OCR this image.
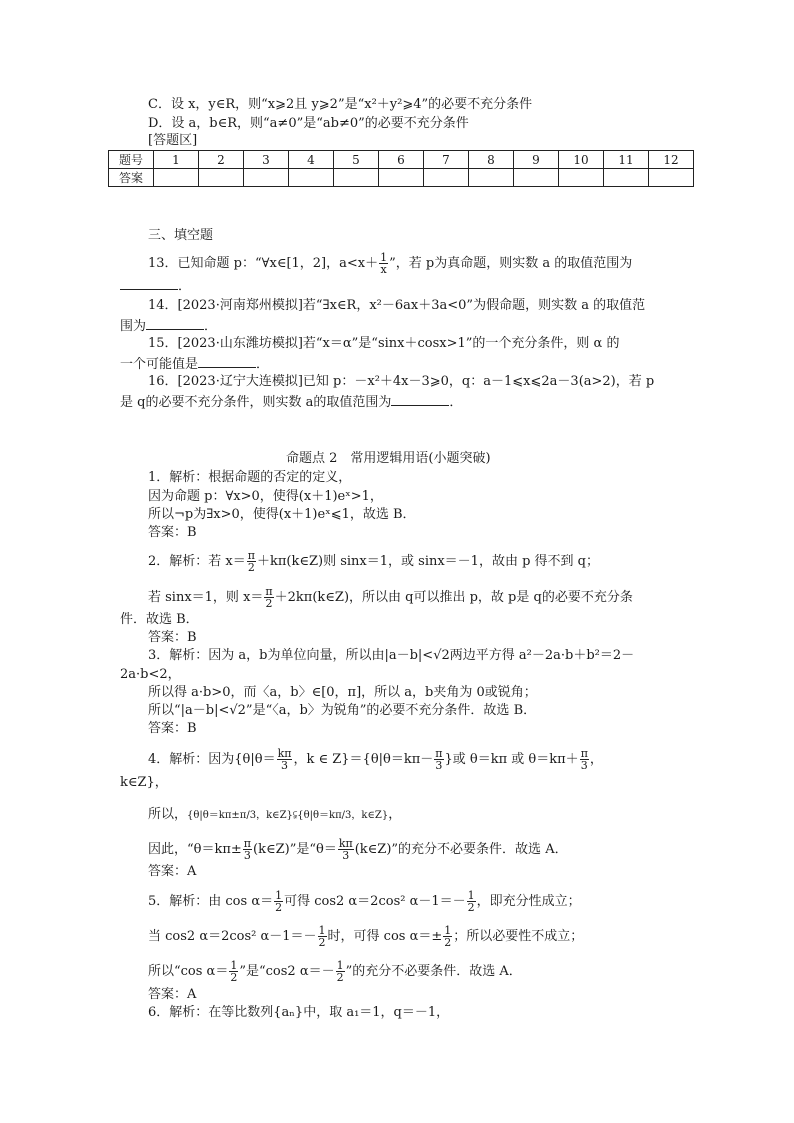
C．设 x，y∈R，则“x⩾2且 y⩾2”是“x²＋y²⩾4”的必要不充分条件
D．设 a，b∈R，则“a≠0”是“ab≠0”的必要不充分条件
[答题区]
题号	1	2	3	4	5	6	7	8	9	10	11	12
答案												
三、填空题
13．已知命题 p：“∀x∈[1，2]，$a<x+ \frac{1}{x}$ ”，若 p为真命题，则实数 a 的取值范围为
．
14．[2023·河南郑州模拟]若“∃x∈R，x²－6ax＋3a<0”为假命题，则实数 a 的取值范
围为	．
15．[2023·山东潍坊模拟]若“x＝α”是“sinx＋cosx>1”的一个充分条件，则 α 的
一个可能值是	．
16．[2023·辽宁大连模拟]已知 p：－x²＋4x－3⩾0，q：a－1⩽x⩽2a－3(a>2)，若 p
是 q的必要不充分条件，则实数 a的取值范围为	．
命题点 2　常用逻辑用语(小题突破)
1．解析：根据命题的否定的定义，
因为命题 p：∀x>0，使得(x＋1)eˣ>1，
所以¬p为∃x>0，使得(x＋1)eˣ⩽1，故选 B．
答案：B
2．解析：若 $x= \frac{\pi}{2}$ ＋kπ(k∈Z)则 sinx＝1，或 sinx＝－1，故由 p 得不到 q；
若 sinx＝1，则 $x= \frac{\pi}{2}$ ＋2kπ(k∈Z)，所以由 q可以推出 p，故 p是 q的必要不充分条
件．故选 B．
答案：B
3．解析：因为 a，b为单位向量，所以由|a－b|<√2两边平方得 a²－2a·b＋b²＝2－
2a·b<2，
所以得 a·b>0，而〈a，b〉∈[0，π]，所以 a，b夹角为 0或锐角；
所以“|a－b|<√2”是“〈a，b〉为锐角”的必要不充分条件．故选 B．
答案：B
4．解析：因为{$\theta|\theta= \frac{k\pi}{3}$ ，k ∈ $Z\}=\{\theta|\theta=k\pi- \frac{\pi}{3}$ }或 θ＝kπ 或 $\theta=k\pi+ \frac{\pi}{3}$ ，
k∈Z}，
所以，{θ|θ＝kπ±π/3，k∈Z}⫋{θ|θ＝kπ/3，k∈Z}，
因此，“$\theta=k\pi\pm \frac{\pi}{3}$ (k∈Z)”是“$\theta= \frac{k\pi}{3}$ (k∈Z)”的充分不必要条件．故选 A．
答案：A
5．解析：由 $\cos \alpha= \frac{1}{2}$ 可得 cos2 α＝2cos² $\alpha-1=- \frac{1}{2}$ ，即充分性成立；
当 cos2 α＝2cos² $\alpha-1=- \frac{1}{2}$ 时，可得 $\cos \alpha=\pm \frac{1}{2}$ ；所以必要性不成立；
所以“cos $\alpha= \frac{1}{2}$ ”是“cos2 $\alpha=- \frac{1}{2}$ ”的充分不必要条件．故选 A．
答案：A
6．解析：在等比数列{aₙ}中，取 a₁＝1，q＝－1，
